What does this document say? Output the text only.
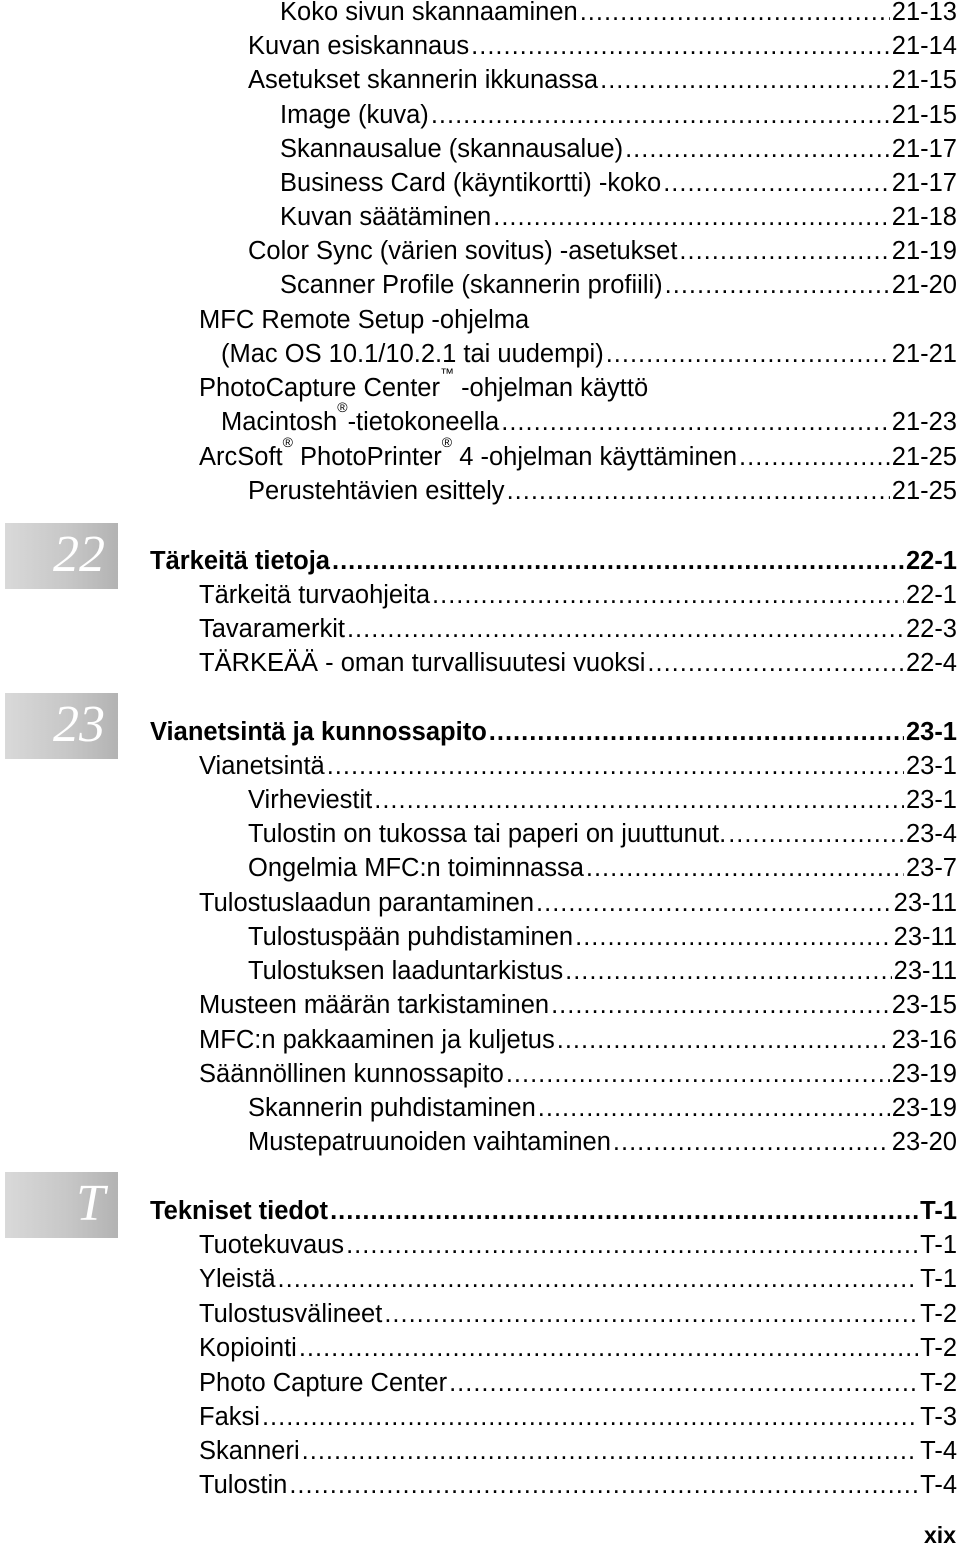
22
23
T
Koko sivun skannaaminen .....	21-13
Kuvan esiskannaus .....	21-14
Asetukset skannerin ikkunassa .....	21-15
Image (kuva) .....	21-15
Skannausalue (skannausalue) .....	21-17
Business Card (käyntikortti) -koko .....	21-17
Kuvan säätäminen .....	21-18
Color Sync (värien sovitus) -asetukset .....	21-19
Scanner Profile (skannerin profiili) .....	21-20
MFC Remote Setup -ohjelma
(Mac OS 10.1/10.2.1 tai uudempi) .....	21-21
PhotoCapture Center™ -ohjelman käyttö
Macintosh®-tietokoneella .....	21-23
ArcSoft® PhotoPrinter® 4 -ohjelman käyttäminen .....	21-25
Perustehtävien esittely .....	21-25
Tärkeitä tietoja .....	22-1
Tärkeitä turvaohjeita .....	22-1
Tavaramerkit .....	22-3
TÄRKEÄÄ - oman turvallisuutesi vuoksi .....	22-4
Vianetsintä ja kunnossapito .....	23-1
Vianetsintä .....	23-1
Virheviestit .....	23-1
Tulostin on tukossa tai paperi on juuttunut. .....	23-4
Ongelmia MFC:n toiminnassa .....	23-7
Tulostuslaadun parantaminen .....	23-11
Tulostuspään puhdistaminen .....	23-11
Tulostuksen laaduntarkistus .....	23-11
Musteen määrän tarkistaminen .....	23-15
MFC:n pakkaaminen ja kuljetus .....	23-16
Säännöllinen kunnossapito .....	23-19
Skannerin puhdistaminen .....	23-19
Mustepatruunoiden vaihtaminen .....	23-20
Tekniset tiedot .....	T-1
Tuotekuvaus .....	T-1
Yleistä .....	T-1
Tulostusvälineet .....	T-2
Kopiointi .....	T-2
Photo Capture Center .....	T-2
Faksi .....	T-3
Skanneri .....	T-4
Tulostin .....	T-4
xix
